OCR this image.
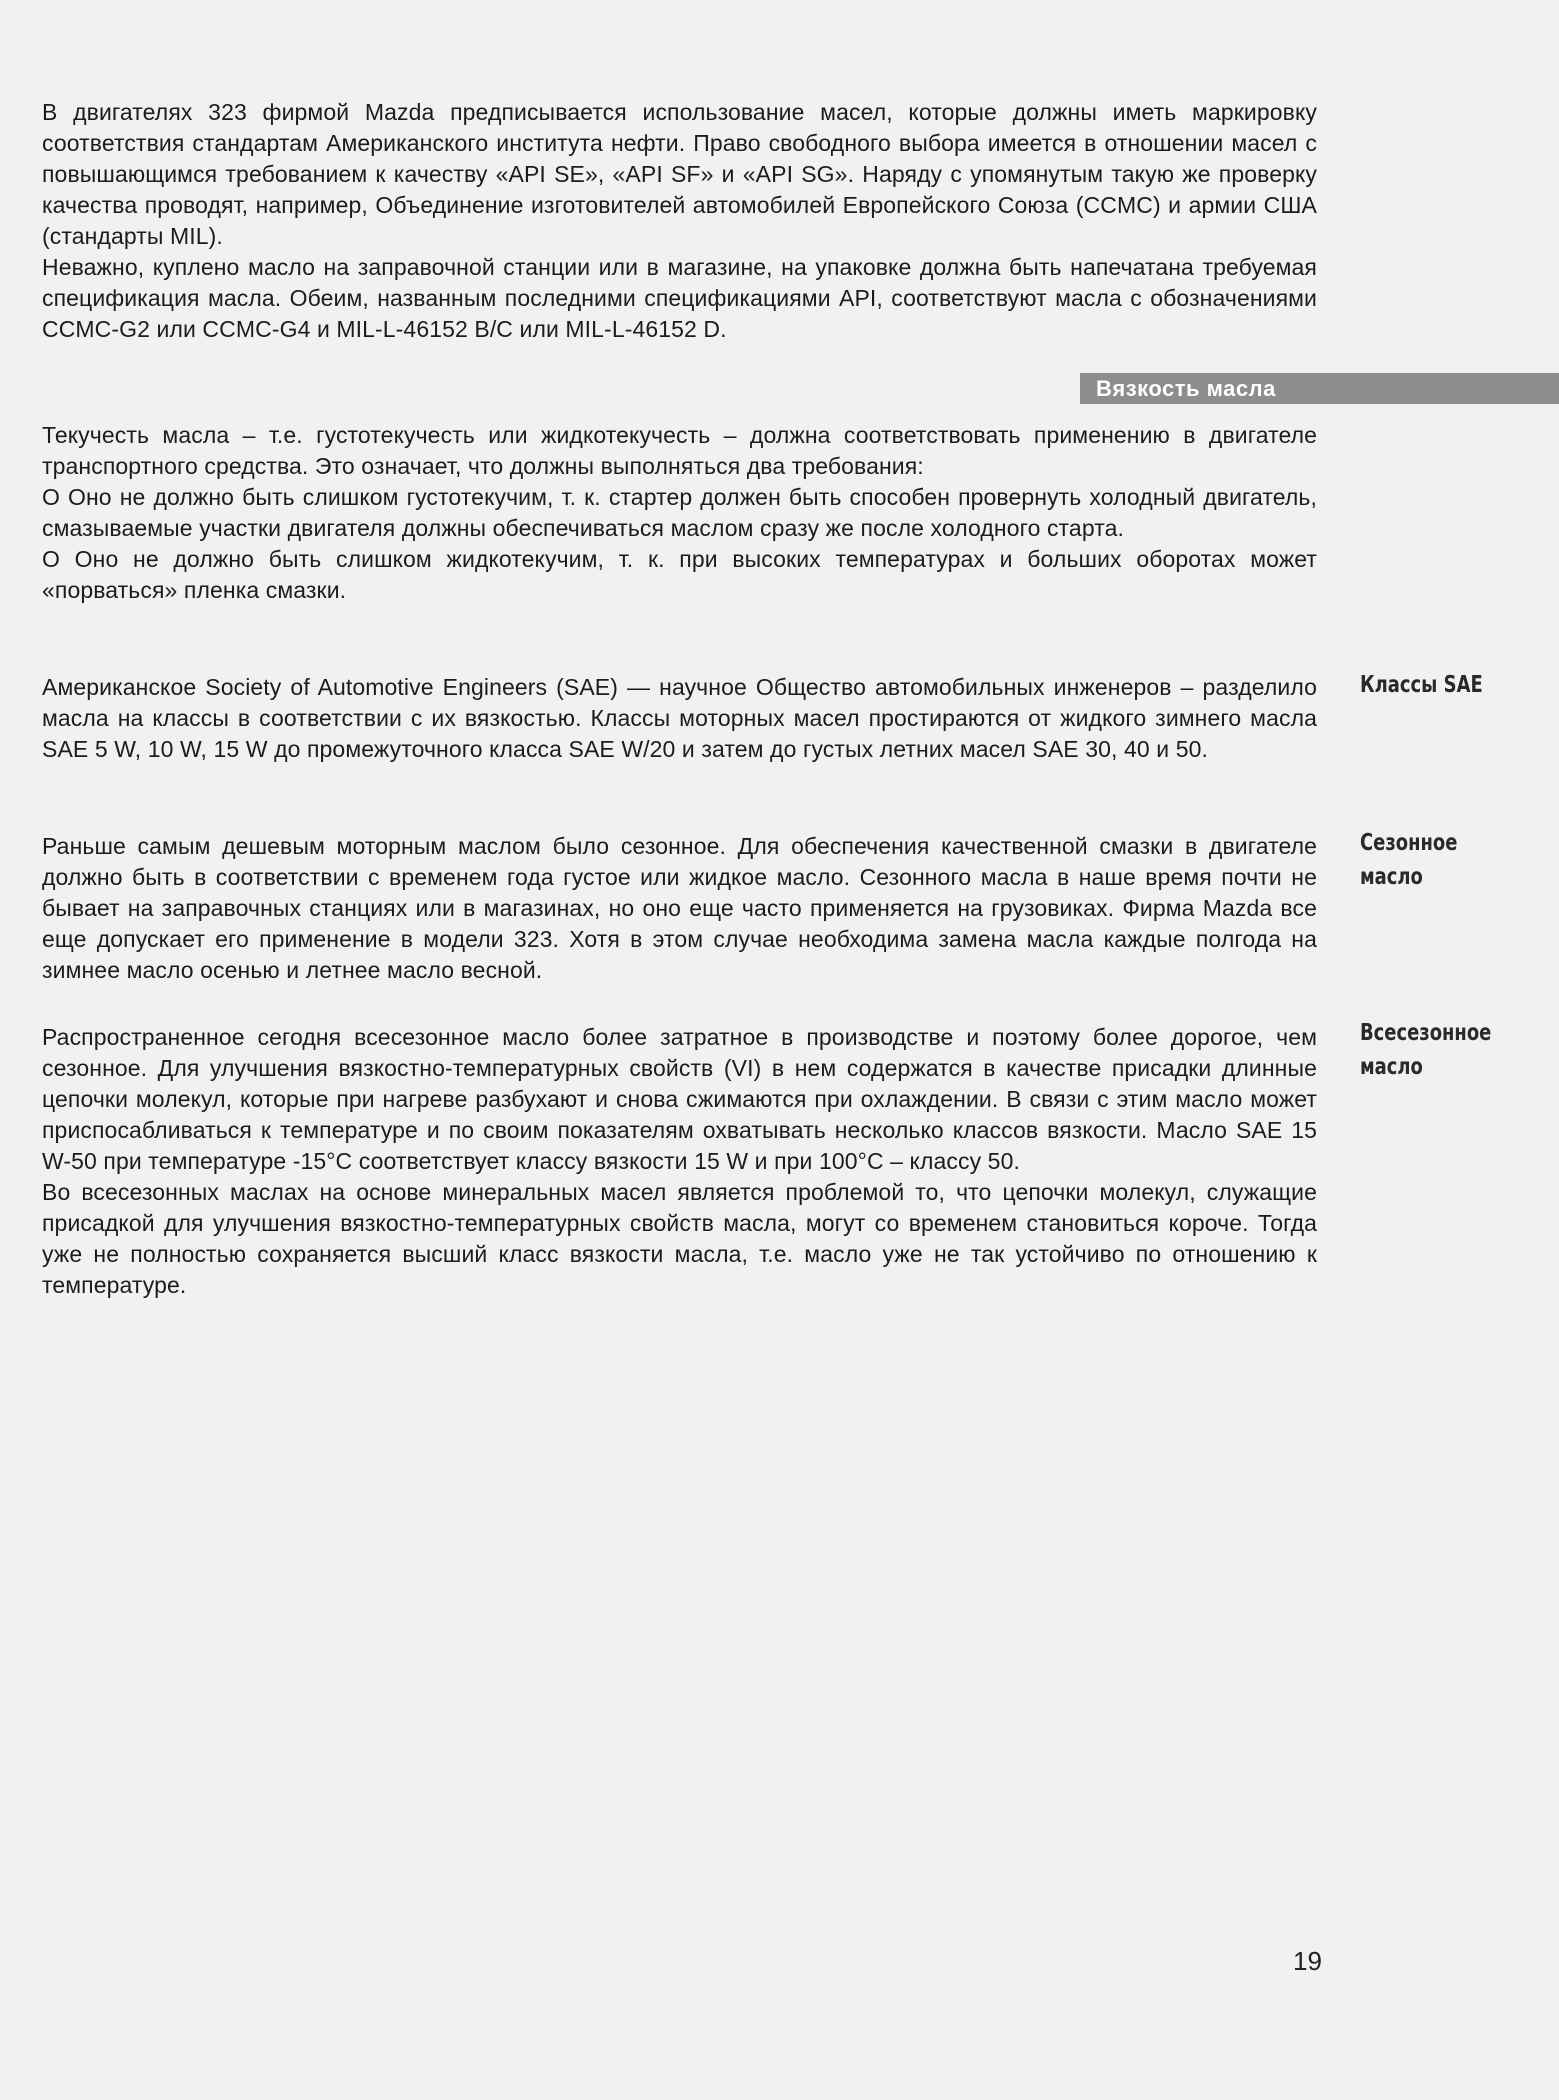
В двигателях 323 фирмой Mazda предписывается использование масел, которые должны иметь маркировку соответствия стандартам Американского института нефти. Право свободного выбора имеется в отношении масел с повышающимся требованием к качеству «API SE», «API SF» и «API SG». Наряду с упомянутым такую же проверку качества проводят, например, Объединение изготовителей автомобилей Европейского Союза (CCMC) и армии США (стандарты MIL).

Неважно, куплено масло на заправочной станции или в магазине, на упаковке должна быть напечатана требуемая спецификация масла. Обеим, названным последними спецификациями API, соответствуют масла с обозначениями CCMC-G2 или CCMC-G4 и MIL-L-46152 B/C или MIL-L-46152 D.

Вязкость масла

Текучесть масла – т.е. густотекучесть или жидкотекучесть – должна соответствовать применению в двигателе транспортного средства. Это означает, что должны выполняться два требования:

О Оно не должно быть слишком густотекучим, т. к. стартер должен быть способен провернуть холодный двигатель, смазываемые участки двигателя должны обеспечиваться маслом сразу же после холодного старта.

О Оно не должно быть слишком жидкотекучим, т. к. при высоких температурах и больших оборотах может «порваться» пленка смазки.

Американское Society of Automotive Engineers (SAE) — научное Общество автомобильных инженеров – разделило масла на классы в соответствии с их вязкостью. Классы моторных масел простираются от жидкого зимнего масла SAE 5 W, 10 W, 15 W до промежуточного класса SAE W/20 и затем до густых летних масел SAE 30, 40 и 50.

Классы SAE

Раньше самым дешевым моторным маслом было сезонное. Для обеспечения качественной смазки в двигателе должно быть в соответствии с временем года густое или жидкое масло. Сезонного масла в наше время почти не бывает на заправочных станциях или в магазинах, но оно еще часто применяется на грузовиках. Фирма Mazda все еще допускает его применение в модели 323. Хотя в этом случае необходима замена масла каждые полгода на зимнее масло осенью и летнее масло весной.

Сезонное масло

Распространенное сегодня всесезонное масло более затратное в производстве и поэтому более дорогое, чем сезонное. Для улучшения вязкостно-температурных свойств (VI) в нем содержатся в качестве присадки длинные цепочки молекул, которые при нагреве разбухают и снова сжимаются при охлаждении. В связи с этим масло может приспосабливаться к температуре и по своим показателям охватывать несколько классов вязкости. Масло SAE 15 W-50 при температуре -15°C соответствует классу вязкости 15 W и при 100°C – классу 50.

Во всесезонных маслах на основе минеральных масел является проблемой то, что цепочки молекул, служащие присадкой для улучшения вязкостно-температурных свойств масла, могут со временем становиться короче. Тогда уже не полностью сохраняется высший класс вязкости масла, т.е. масло уже не так устойчиво по отношению к температуре.

Всесезонное масло
19
